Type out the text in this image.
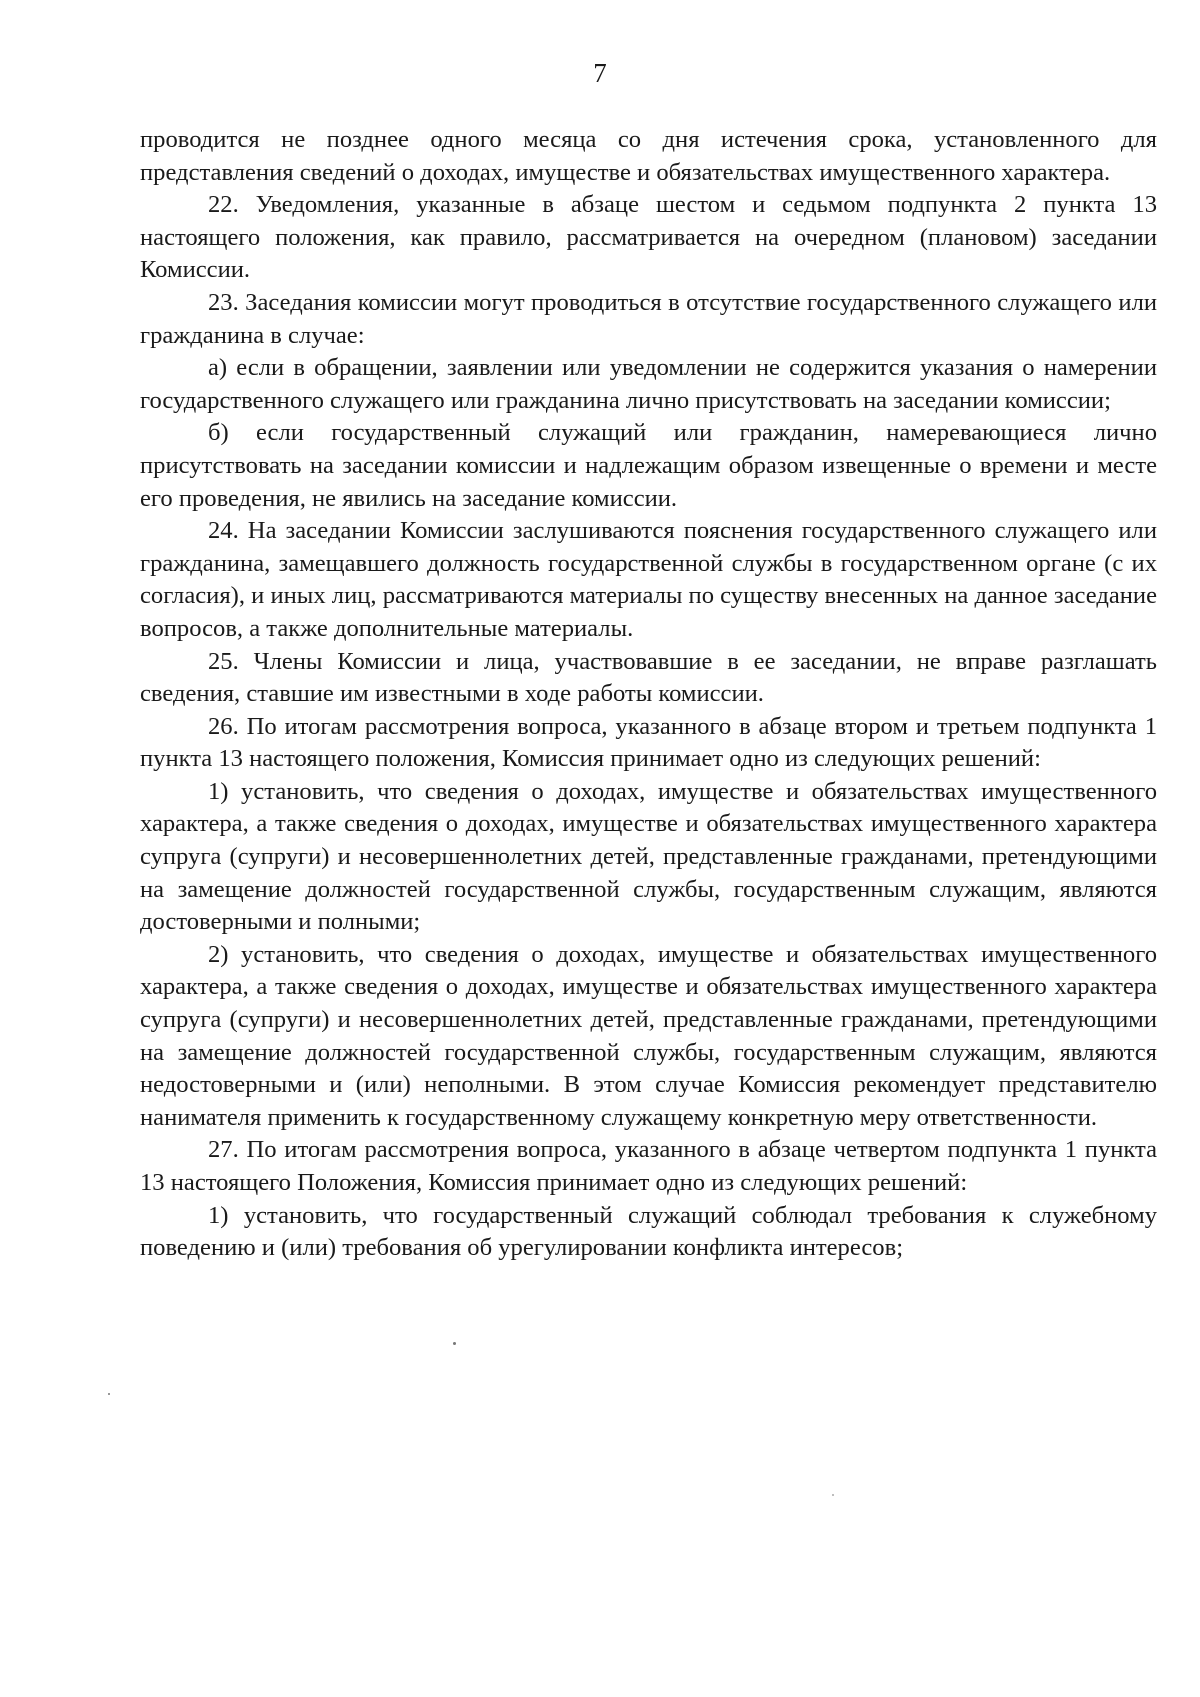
7

проводится не позднее одного месяца со дня истечения срока, установленного для представления сведений о доходах, имуществе и обязательствах имущественного характера.

22. Уведомления, указанные в абзаце шестом и седьмом подпункта 2 пункта 13 настоящего положения, как правило, рассматривается на очередном (плановом) заседании Комиссии.

23. Заседания комиссии могут проводиться в отсутствие государственного служащего или гражданина в случае:

а) если в обращении, заявлении или уведомлении не содержится указания о намерении государственного служащего или гражданина лично присутствовать на заседании комиссии;

б) если государственный служащий или гражданин, намеревающиеся лично присутствовать на заседании комиссии и надлежащим образом извещенные о времени и месте его проведения, не явились на заседание комиссии.

24. На заседании Комиссии заслушиваются пояснения государственного служащего или гражданина, замещавшего должность государственной службы в государственном органе (с их согласия), и иных лиц, рассматриваются материалы по существу внесенных на данное заседание вопросов, а также дополнительные материалы.

25. Члены Комиссии и лица, участвовавшие в ее заседании, не вправе разглашать сведения, ставшие им известными в ходе работы комиссии.

26. По итогам рассмотрения вопроса, указанного в абзаце втором и третьем подпункта 1 пункта 13 настоящего положения, Комиссия принимает одно из следующих решений:

1) установить, что сведения о доходах, имуществе и обязательствах имущественного характера, а также сведения о доходах, имуществе и обязательствах имущественного характера супруга (супруги) и несовершеннолетних детей, представленные гражданами, претендующими на замещение должностей государственной службы, государственным служащим, являются достоверными и полными;

2) установить, что сведения о доходах, имуществе и обязательствах имущественного характера, а также сведения о доходах, имуществе и обязательствах имущественного характера супруга (супруги) и несовершеннолетних детей, представленные гражданами, претендующими на замещение должностей государственной службы, государственным служащим, являются недостоверными и (или) неполными. В этом случае Комиссия рекомендует представителю нанимателя применить к государственному служащему конкретную меру ответственности.

27. По итогам рассмотрения вопроса, указанного в абзаце четвертом подпункта 1 пункта 13 настоящего Положения, Комиссия принимает одно из следующих решений:

1) установить, что государственный служащий соблюдал требования к служебному поведению и (или) требования об урегулировании конфликта интересов;
